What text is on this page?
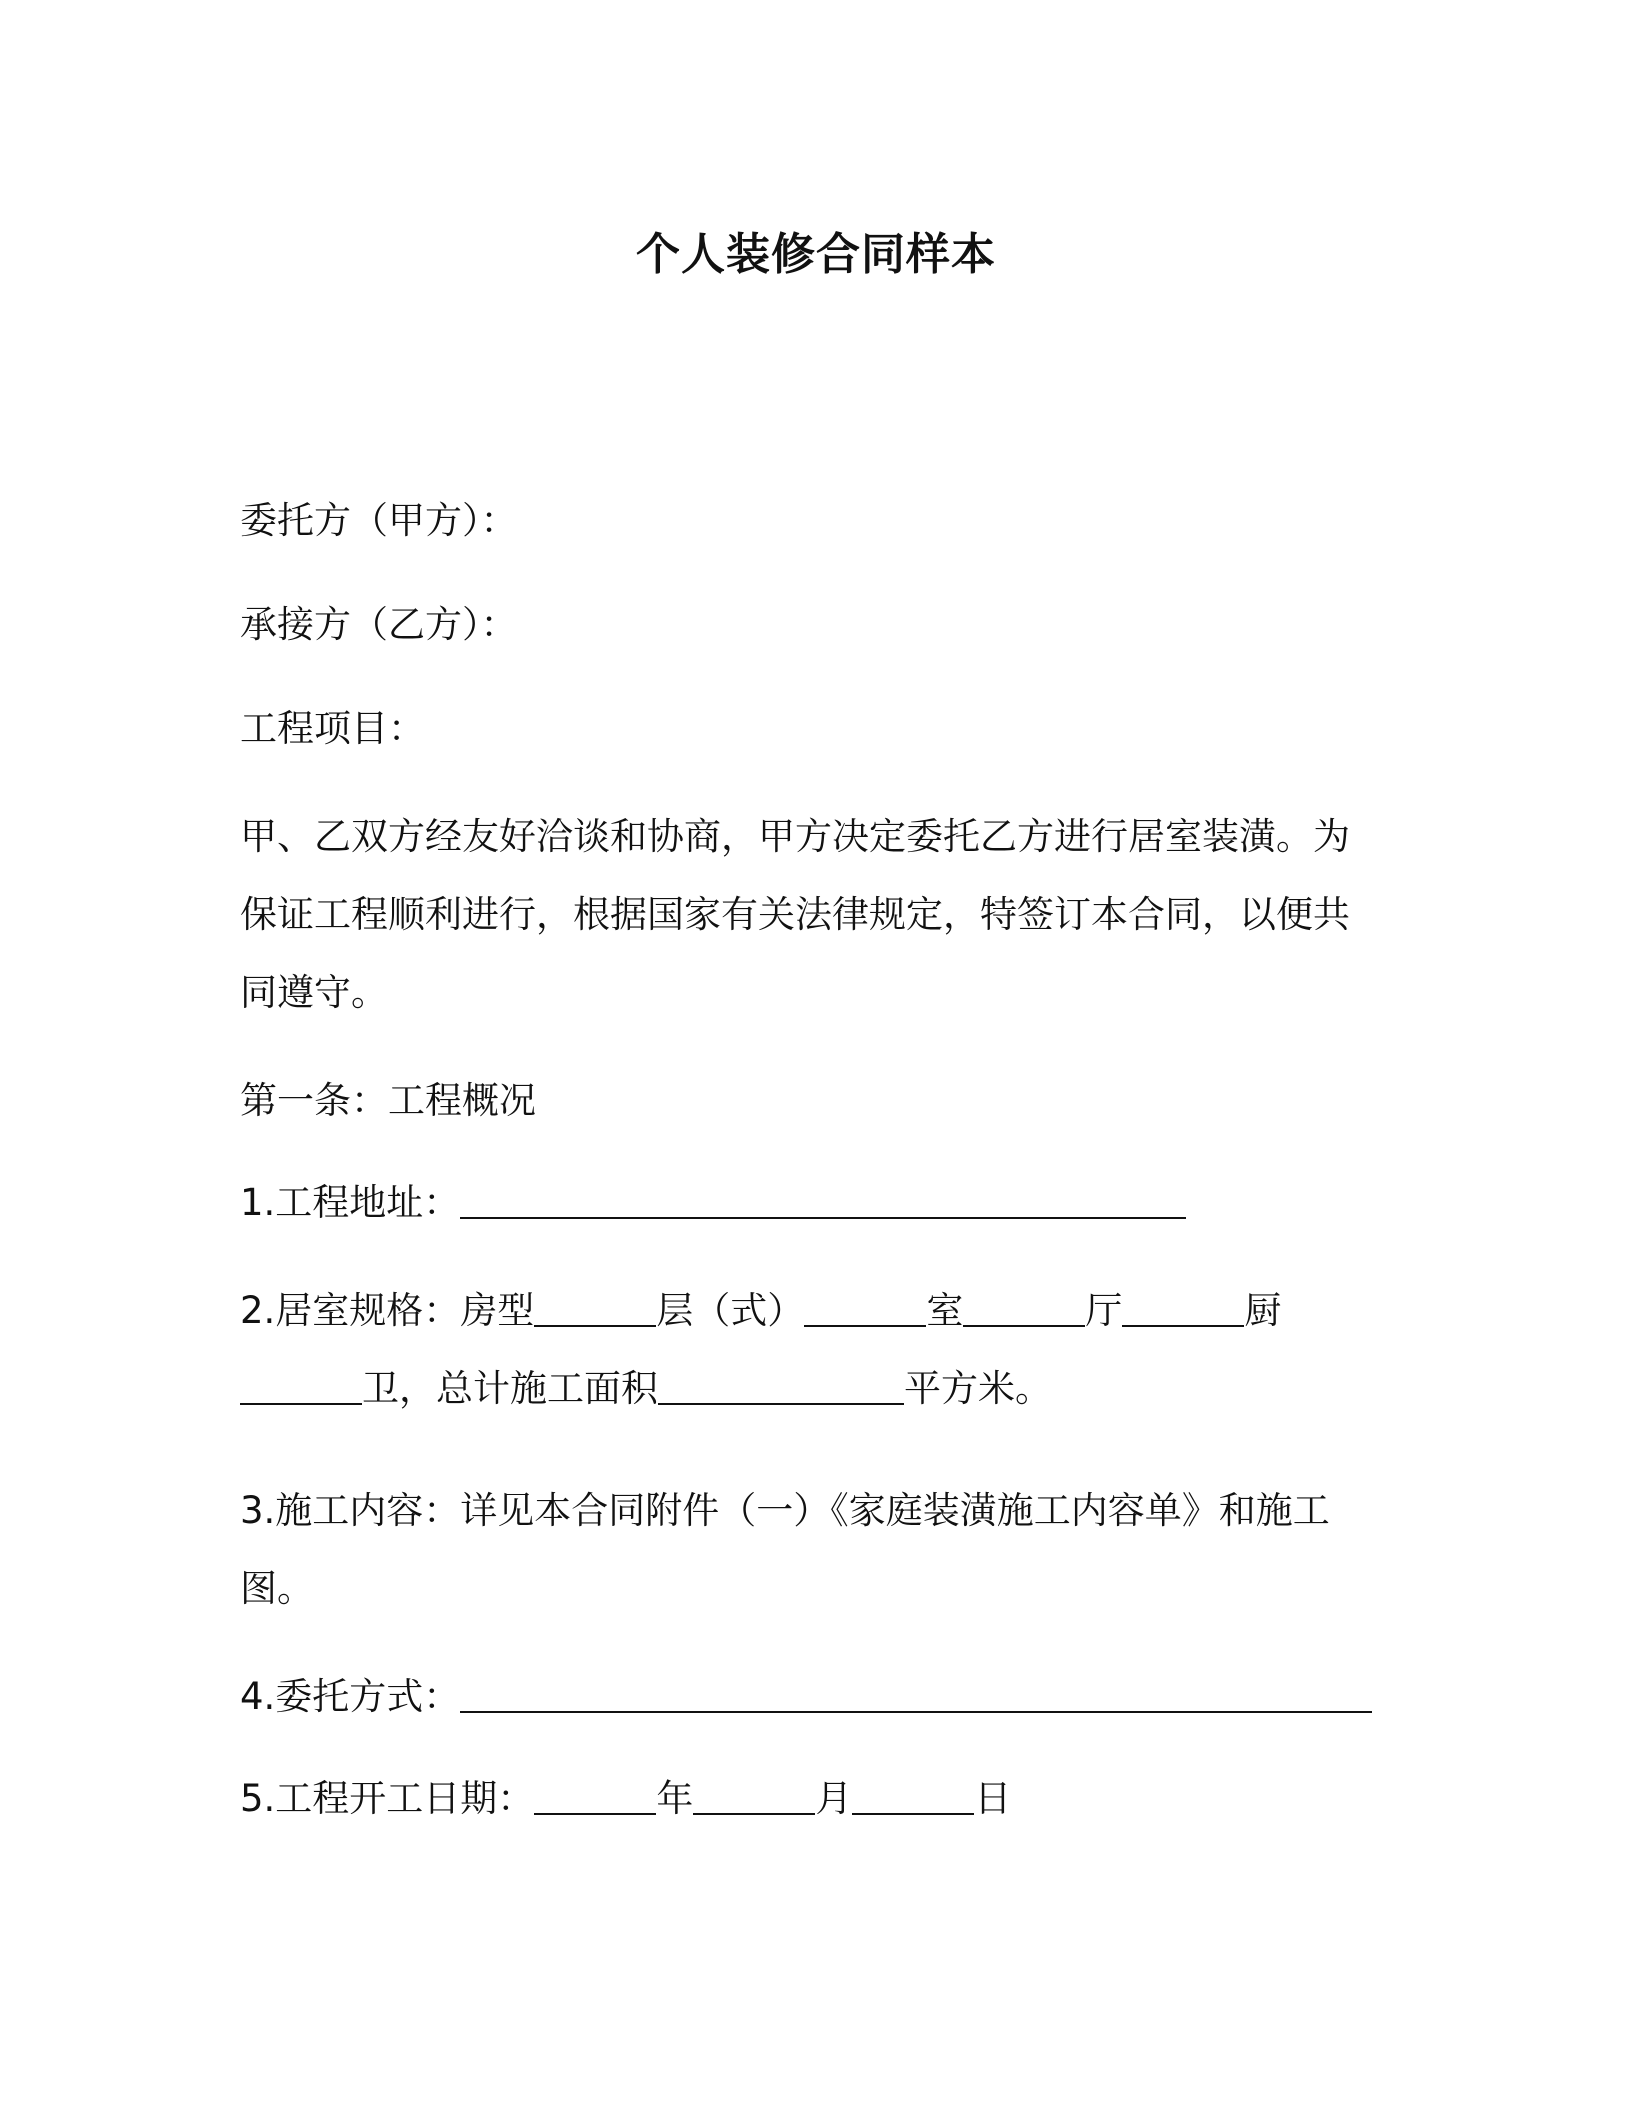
个人装修合同样本
委托方（甲方）：
承接方（乙方）：
工程项目：
甲、乙双方经友好洽谈和协商，甲方决定委托乙方进行居室装潢。为
保证工程顺利进行，根据国家有关法律规定，特签订本合同，以便共
同遵守。
第一条：工程概况
1.工程地址：
2.居室规格：房型	层（式）	室	厅	厨
卫，总计施工面积	平方米。
3.施工内容：详见本合同附件（一）《家庭装潢施工内容单》和施工
图。
4.委托方式：
5.工程开工日期：	年	月	日
